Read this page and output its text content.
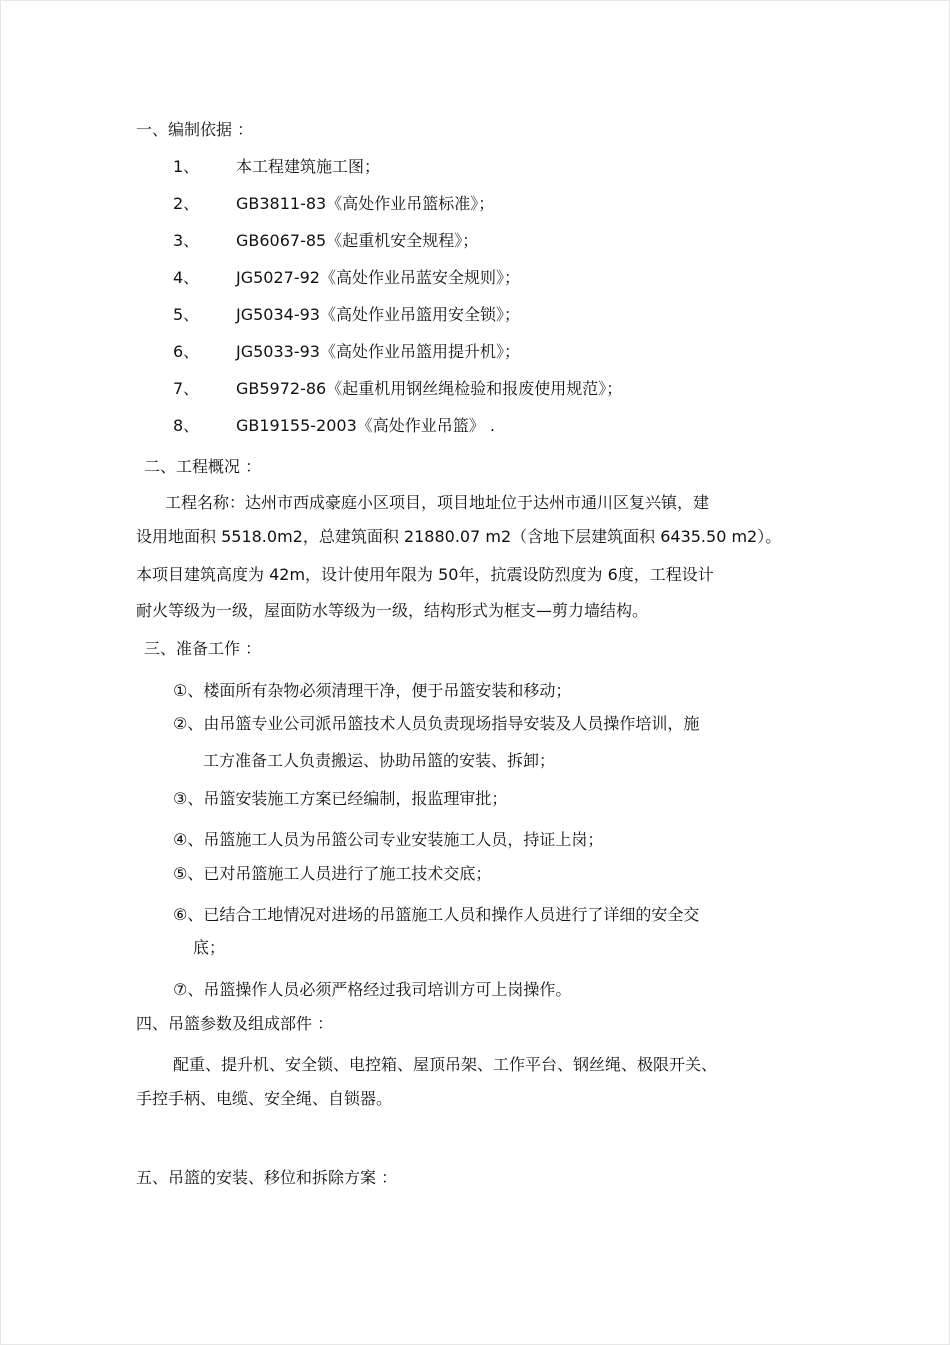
一、编制依据 ：
1、 本工程建筑施工图；
2、 GB3811-83《高处作业吊篮标准》；
3、 GB6067-85《起重机安全规程》；
4、 JG5027-92《高处作业吊蓝安全规则》；
5、 JG5034-93《高处作业吊篮用安全锁》；
6、 JG5033-93《高处作业吊篮用提升机》；
7、 GB5972-86《起重机用钢丝绳检验和报废使用规范》；
8、 GB19155-2003《高处作业吊篮》 .
二、工程概况 ：
工程名称：达州市西成豪庭小区项目，项目地址位于达州市通川区复兴镇，建
设用地面积 5518.0m2，总建筑面积 21880.07 m2（含地下层建筑面积 6435.50 m2）。
本项目建筑高度为 42m，设计使用年限为 50年，抗震设防烈度为 6度，工程设计
耐火等级为一级，屋面防水等级为一级，结构形式为框支—剪力墙结构。
三、准备工作 ：
①、楼面所有杂物必须清理干净，便于吊篮安装和移动；
②、由吊篮专业公司派吊篮技术人员负责现场指导安装及人员操作培训，施
工方准备工人负责搬运、协助吊篮的安装、拆卸；
③、吊篮安装施工方案已经编制，报监理审批；
④、吊篮施工人员为吊篮公司专业安装施工人员，持证上岗；
⑤、已对吊篮施工人员进行了施工技术交底；
⑥、已结合工地情况对进场的吊篮施工人员和操作人员进行了详细的安全交
底；
⑦、吊篮操作人员必须严格经过我司培训方可上岗操作。
四、吊篮参数及组成部件 ：
配重、提升机、安全锁、电控箱、屋顶吊架、工作平台、钢丝绳、极限开关、
手控手柄、电缆、安全绳、自锁器。
五、吊篮的安装、移位和拆除方案 ：
